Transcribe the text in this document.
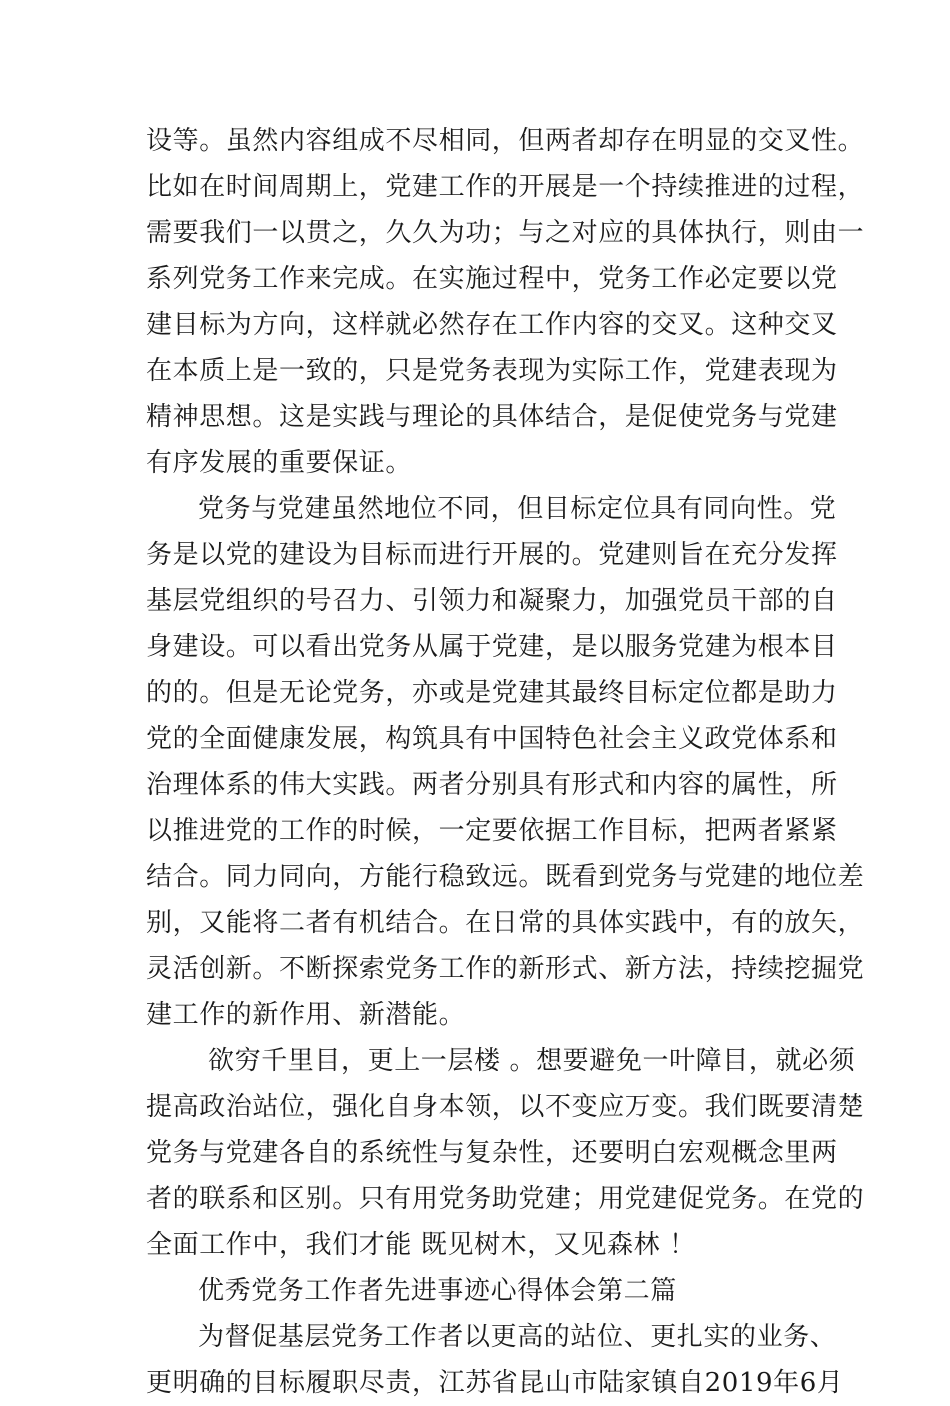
设等。虽然内容组成不尽相同，但两者却存在明显的交叉性。
比如在时间周期上，党建工作的开展是一个持续推进的过程，
需要我们一以贯之，久久为功；与之对应的具体执行，则由一
系列党务工作来完成。在实施过程中，党务工作必定要以党
建目标为方向，这样就必然存在工作内容的交叉。这种交叉
在本质上是一致的，只是党务表现为实际工作，党建表现为
精神思想。这是实践与理论的具体结合，是促使党务与党建
有序发展的重要保证。
党务与党建虽然地位不同，但目标定位具有同向性。党
务是以党的建设为目标而进行开展的。党建则旨在充分发挥
基层党组织的号召力、引领力和凝聚力，加强党员干部的自
身建设。可以看出党务从属于党建，是以服务党建为根本目
的的。但是无论党务，亦或是党建其最终目标定位都是助力
党的全面健康发展，构筑具有中国特色社会主义政党体系和
治理体系的伟大实践。两者分别具有形式和内容的属性，所
以推进党的工作的时候，一定要依据工作目标，把两者紧紧
结合。同力同向，方能行稳致远。既看到党务与党建的地位差
别，又能将二者有机结合。在日常的具体实践中，有的放矢，
灵活创新。不断探索党务工作的新形式、新方法，持续挖掘党
建工作的新作用、新潜能。
欲穷千里目，更上一层楼 。想要避免一叶障目，就必须
提高政治站位，强化自身本领，以不变应万变。我们既要清楚
党务与党建各自的系统性与复杂性，还要明白宏观概念里两
者的联系和区别。只有用党务助党建；用党建促党务。在党的
全面工作中，我们才能 既见树木，又见森林 ！
优秀党务工作者先进事迹心得体会第二篇
为督促基层党务工作者以更高的站位、更扎实的业务、
更明确的目标履职尽责，江苏省昆山市陆家镇自2019年6月
